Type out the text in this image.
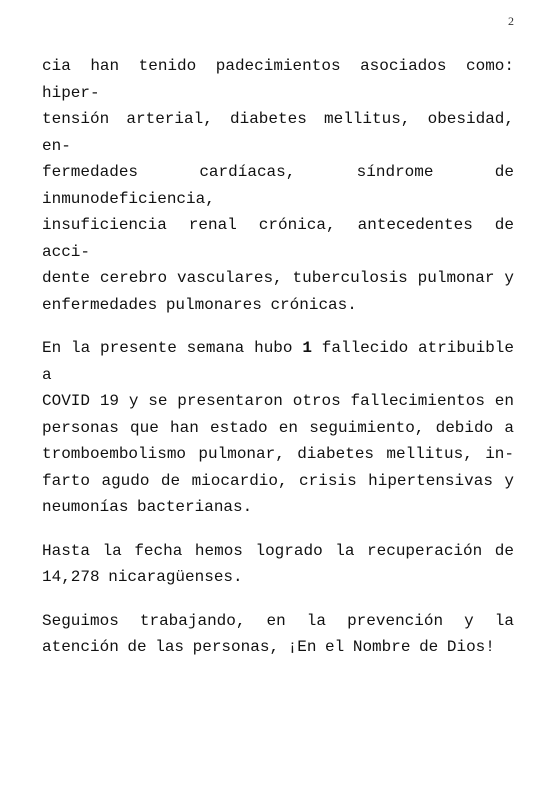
2

cia han tenido padecimientos asociados como: hiper-
tensión arterial, diabetes mellitus, obesidad, en-
fermedades cardíacas, síndrome de inmunodeficiencia,
insuficiencia renal crónica, antecedentes de acci-
dente cerebro vasculares, tuberculosis pulmonar y
enfermedades pulmonares crónicas.

En la presente semana hubo 1 fallecido atribuible a
COVID 19 y se presentaron otros fallecimientos en
personas que han estado en seguimiento, debido a
tromboembolismo pulmonar, diabetes mellitus, in-
farto agudo de miocardio, crisis hipertensivas y
neumonías bacterianas.

Hasta la fecha hemos logrado la recuperación de
14,278 nicaragüenses.

Seguimos trabajando, en la prevención y la
atención de las personas, ¡En el Nombre de Dios!
